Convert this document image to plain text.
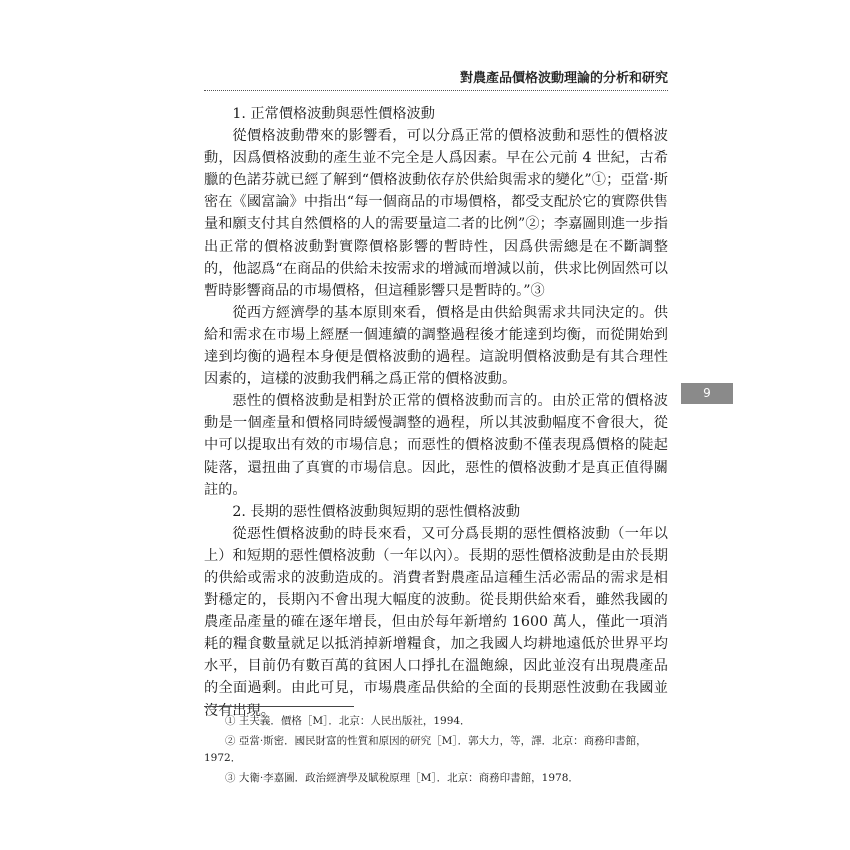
對農產品價格波動理論的分析和研究
9
1. 正常價格波動與惡性價格波動

從價格波動帶來的影響看，可以分爲正常的價格波動和惡性的價格波動，因爲價格波動的產生並不完全是人爲因素。早在公元前 4 世紀，古希臘的色諾芬就已經了解到“價格波動依存於供給與需求的變化”①；亞當·斯密在《國富論》中指出“每一個商品的市場價格，都受支配於它的實際供售量和願支付其自然價格的人的需要量這二者的比例”②；李嘉圖則進一步指出正常的價格波動對實際價格影響的暫時性，因爲供需總是在不斷調整的，他認爲“在商品的供給未按需求的增減而增減以前，供求比例固然可以暫時影響商品的市場價格，但這種影響只是暫時的。”③

從西方經濟學的基本原則來看，價格是由供給與需求共同決定的。供給和需求在市場上經歷一個連續的調整過程後才能達到均衡，而從開始到達到均衡的過程本身便是價格波動的過程。這說明價格波動是有其合理性因素的，這樣的波動我們稱之爲正常的價格波動。

惡性的價格波動是相對於正常的價格波動而言的。由於正常的價格波動是一個產量和價格同時緩慢調整的過程，所以其波動幅度不會很大，從中可以提取出有效的市場信息；而惡性的價格波動不僅表現爲價格的陡起陡落，還扭曲了真實的市場信息。因此，惡性的價格波動才是真正值得關註的。

2. 長期的惡性價格波動與短期的惡性價格波動

從惡性價格波動的時長來看，又可分爲長期的惡性價格波動（一年以上）和短期的惡性價格波動（一年以內）。長期的惡性價格波動是由於長期的供給或需求的波動造成的。消費者對農產品這種生活必需品的需求是相對穩定的，長期內不會出現大幅度的波動。從長期供給來看，雖然我國的農產品產量的確在逐年增長，但由於每年新增約 1600 萬人，僅此一項消耗的糧食數量就足以抵消掉新增糧食，加之我國人均耕地遠低於世界平均水平，目前仍有數百萬的貧困人口掙扎在溫飽線，因此並沒有出現農產品的全面過剩。由此可見，市場農產品供給的全面的長期惡性波動在我國並沒有出現。

① 王夫義．價格［M］．北京：人民出版社，1994．

② 亞當·斯密．國民財富的性質和原因的研究［M］．郭大力，等，譯．北京：商務印書館，1972．

③ 大衛·李嘉圖．政治經濟學及賦稅原理［M］．北京：商務印書館，1978．
